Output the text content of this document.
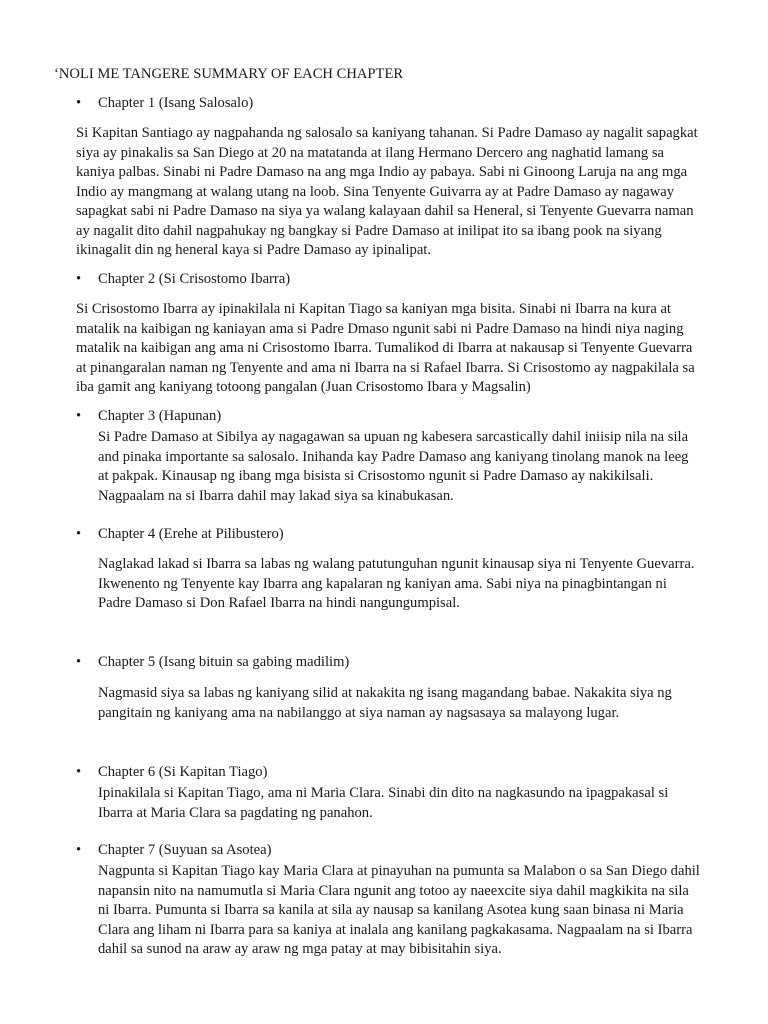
‘NOLI ME TANGERE SUMMARY OF EACH CHAPTER
• Chapter 1 (Isang Salosalo)
Si Kapitan Santiago ay nagpahanda ng salosalo sa kaniyang tahanan. Si Padre Damaso ay nagalit sapagkat
siya ay pinakalis sa San Diego at 20 na matatanda at ilang Hermano Dercero ang naghatid lamang sa
kaniya palbas. Sinabi ni Padre Damaso na ang mga Indio ay pabaya. Sabi ni Ginoong Laruja na ang mga
Indio ay mangmang at walang utang na loob. Sina Tenyente Guivarra ay at Padre Damaso ay nagaway
sapagkat sabi ni Padre Damaso na siya ya walang kalayaan dahil sa Heneral, si Tenyente Guevarra naman
ay nagalit dito dahil nagpahukay ng bangkay si Padre Damaso at inilipat ito sa ibang pook na siyang
ikinagalit din ng heneral kaya si Padre Damaso ay ipinalipat.
• Chapter 2 (Si Crisostomo Ibarra)
Si Crisostomo Ibarra ay ipinakilala ni Kapitan Tiago sa kaniyan mga bisita. Sinabi ni Ibarra na kura at
matalik na kaibigan ng kaniayan ama si Padre Dmaso ngunit sabi ni Padre Damaso na hindi niya naging
matalik na kaibigan ang ama ni Crisostomo Ibarra. Tumalikod di Ibarra at nakausap si Tenyente Guevarra
at pinangaralan naman ng Tenyente and ama ni Ibarra na si Rafael Ibarra. Si Crisostomo ay nagpakilala sa
iba gamit ang kaniyang totoong pangalan (Juan Crisostomo Ibara y Magsalin)
• Chapter 3 (Hapunan)
Si Padre Damaso at Sibilya ay nagagawan sa upuan ng kabesera sarcastically dahil iniisip nila na sila
and pinaka importante sa salosalo. Inihanda kay Padre Damaso ang kaniyang tinolang manok na leeg
at pakpak. Kinausap ng ibang mga bisista si Crisostomo ngunit si Padre Damaso ay nakikilsali.
Nagpaalam na si Ibarra dahil may lakad siya sa kinabukasan.
• Chapter 4 (Erehe at Pilibustero)
Naglakad lakad si Ibarra sa labas ng walang patutunguhan ngunit kinausap siya ni Tenyente Guevarra.
Ikwenento ng Tenyente kay Ibarra ang kapalaran ng kaniyan ama. Sabi niya na pinagbintangan ni
Padre Damaso si Don Rafael Ibarra na hindi nangungumpisal.
• Chapter 5 (Isang bituin sa gabing madilim)
Nagmasid siya sa labas ng kaniyang silid at nakakita ng isang magandang babae. Nakakita siya ng
pangitain ng kaniyang ama na nabilanggo at siya naman ay nagsasaya sa malayong lugar.
• Chapter 6 (Si Kapitan Tiago)
Ipinakilala si Kapitan Tiago, ama ni Maria Clara. Sinabi din dito na nagkasundo na ipagpakasal si
Ibarra at Maria Clara sa pagdating ng panahon.
• Chapter 7 (Suyuan sa Asotea)
Nagpunta si Kapitan Tiago kay Maria Clara at pinayuhan na pumunta sa Malabon o sa San Diego dahil
napansin nito na namumutla si Maria Clara ngunit ang totoo ay naeexcite siya dahil magkikita na sila
ni Ibarra. Pumunta si Ibarra sa kanila at sila ay nausap sa kanilang Asotea kung saan binasa ni Maria
Clara ang liham ni Ibarra para sa kaniya at inalala ang kanilang pagkakasama. Nagpaalam na si Ibarra
dahil sa sunod na araw ay araw ng mga patay at may bibisitahin siya.
